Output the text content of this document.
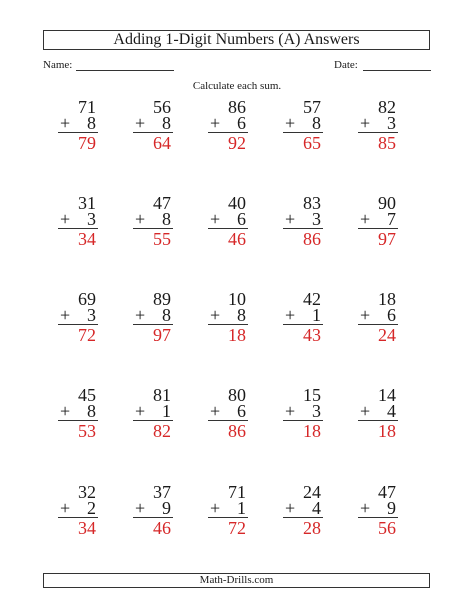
Adding 1-Digit Numbers (A) Answers
Name:	Date:
Calculate each sum.
71
+ 8
79
56
+ 8
64
86
+ 6
92
57
+ 8
65
82
+ 3
85
31
+ 3
34
47
+ 8
55
40
+ 6
46
83
+ 3
86
90
+ 7
97
69
+ 3
72
89
+ 8
97
10
+ 8
18
42
+ 1
43
18
+ 6
24
45
+ 8
53
81
+ 1
82
80
+ 6
86
15
+ 3
18
14
+ 4
18
32
+ 2
34
37
+ 9
46
71
+ 1
72
24
+ 4
28
47
+ 9
56
Math-Drills.com
